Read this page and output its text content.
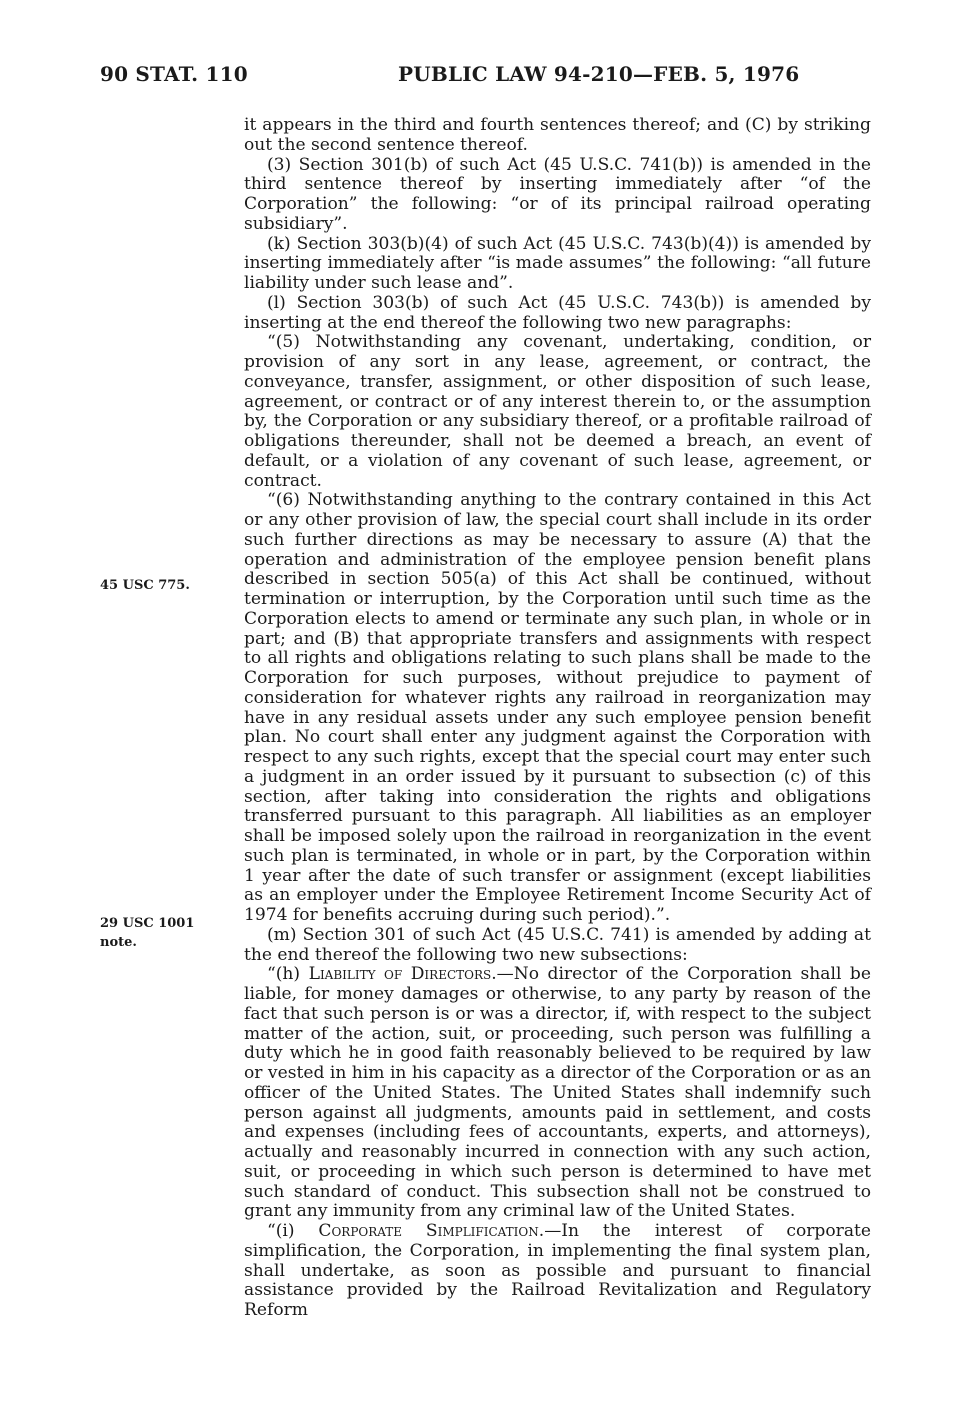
90 STAT. 110	PUBLIC LAW 94-210—FEB. 5, 1976
45 USC 775.
29 USC 1001
note.

it appears in the third and fourth sentences thereof; and (C) by striking out the second sentence thereof.

(3) Section 301(b) of such Act (45 U.S.C. 741(b)) is amended in the third sentence thereof by inserting immediately after “of the Corporation” the following: “or of its principal railroad operating subsidiary”.

(k) Section 303(b)(4) of such Act (45 U.S.C. 743(b)(4)) is amended by inserting immediately after “is made assumes” the following: “all future liability under such lease and”.

(l) Section 303(b) of such Act (45 U.S.C. 743(b)) is amended by inserting at the end thereof the following two new paragraphs:

“(5) Notwithstanding any covenant, undertaking, condition, or provision of any sort in any lease, agreement, or contract, the conveyance, transfer, assignment, or other disposition of such lease, agreement, or contract or of any interest therein to, or the assumption by, the Corporation or any subsidiary thereof, or a profitable railroad of obligations thereunder, shall not be deemed a breach, an event of default, or a violation of any covenant of such lease, agreement, or contract.

“(6) Notwithstanding anything to the contrary contained in this Act or any other provision of law, the special court shall include in its order such further directions as may be necessary to assure (A) that the operation and administration of the employee pension benefit plans described in section 505(a) of this Act shall be continued, without termination or interruption, by the Corporation until such time as the Corporation elects to amend or terminate any such plan, in whole or in part; and (B) that appropriate transfers and assignments with respect to all rights and obligations relating to such plans shall be made to the Corporation for such purposes, without prejudice to payment of consideration for whatever rights any railroad in reorganization may have in any residual assets under any such employee pension benefit plan. No court shall enter any judgment against the Corporation with respect to any such rights, except that the special court may enter such a judgment in an order issued by it pursuant to subsection (c) of this section, after taking into consideration the rights and obligations transferred pursuant to this paragraph. All liabilities as an employer shall be imposed solely upon the railroad in reorganization in the event such plan is terminated, in whole or in part, by the Corporation within 1 year after the date of such transfer or assignment (except liabilities as an employer under the Employee Retirement Income Security Act of 1974 for benefits accruing during such period).”.

(m) Section 301 of such Act (45 U.S.C. 741) is amended by adding at the end thereof the following two new subsections:

“(h) Liability of Directors.—No director of the Corporation shall be liable, for money damages or otherwise, to any party by reason of the fact that such person is or was a director, if, with respect to the subject matter of the action, suit, or proceeding, such person was fulfilling a duty which he in good faith reasonably believed to be required by law or vested in him in his capacity as a director of the Corporation or as an officer of the United States. The United States shall indemnify such person against all judgments, amounts paid in settlement, and costs and expenses (including fees of accountants, experts, and attorneys), actually and reasonably incurred in connection with any such action, suit, or proceeding in which such person is determined to have met such standard of conduct. This subsection shall not be construed to grant any immunity from any criminal law of the United States.

“(i) Corporate Simplification.—In the interest of corporate simplification, the Corporation, in implementing the final system plan, shall undertake, as soon as possible and pursuant to financial assistance provided by the Railroad Revitalization and Regulatory Reform
